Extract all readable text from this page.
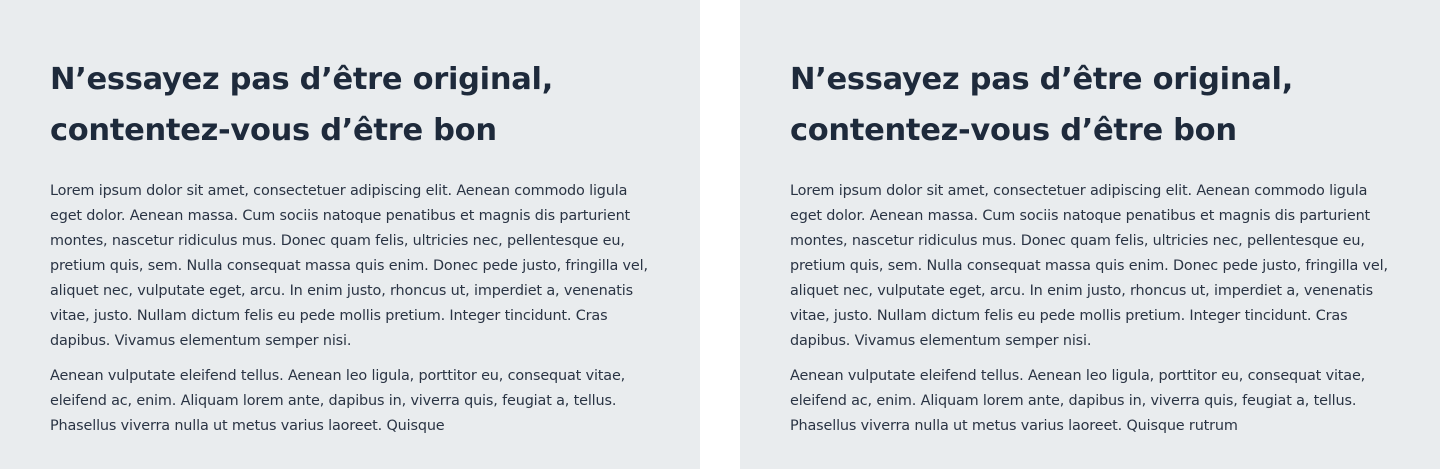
N’essayez pas d’être original,
contentez-vous d’être bon

Lorem ipsum dolor sit amet, consectetuer adipiscing elit. Aenean commodo ligula
eget dolor. Aenean massa. Cum sociis natoque penatibus et magnis dis parturient
montes, nascetur ridiculus mus. Donec quam felis, ultricies nec, pellentesque eu,
pretium quis, sem. Nulla consequat massa quis enim. Donec pede justo, fringilla vel,
aliquet nec, vulputate eget, arcu. In enim justo, rhoncus ut, imperdiet a, venenatis
vitae, justo. Nullam dictum felis eu pede mollis pretium. Integer tincidunt. Cras
dapibus. Vivamus elementum semper nisi.

Aenean vulputate eleifend tellus. Aenean leo ligula, porttitor eu, consequat vitae,
eleifend ac, enim. Aliquam lorem ante, dapibus in, viverra quis, feugiat a, tellus.
Phasellus viverra nulla ut metus varius laoreet. Quisque

N’essayez pas d’être original,
contentez-vous d’être bon

Lorem ipsum dolor sit amet, consectetuer adipiscing elit. Aenean commodo ligula
eget dolor. Aenean massa. Cum sociis natoque penatibus et magnis dis parturient
montes, nascetur ridiculus mus. Donec quam felis, ultricies nec, pellentesque eu,
pretium quis, sem. Nulla consequat massa quis enim. Donec pede justo, fringilla vel,
aliquet nec, vulputate eget, arcu. In enim justo, rhoncus ut, imperdiet a, venenatis
vitae, justo. Nullam dictum felis eu pede mollis pretium. Integer tincidunt. Cras
dapibus. Vivamus elementum semper nisi.

Aenean vulputate eleifend tellus. Aenean leo ligula, porttitor eu, consequat vitae,
eleifend ac, enim. Aliquam lorem ante, dapibus in, viverra quis, feugiat a, tellus.
Phasellus viverra nulla ut metus varius laoreet. Quisque rutrum
